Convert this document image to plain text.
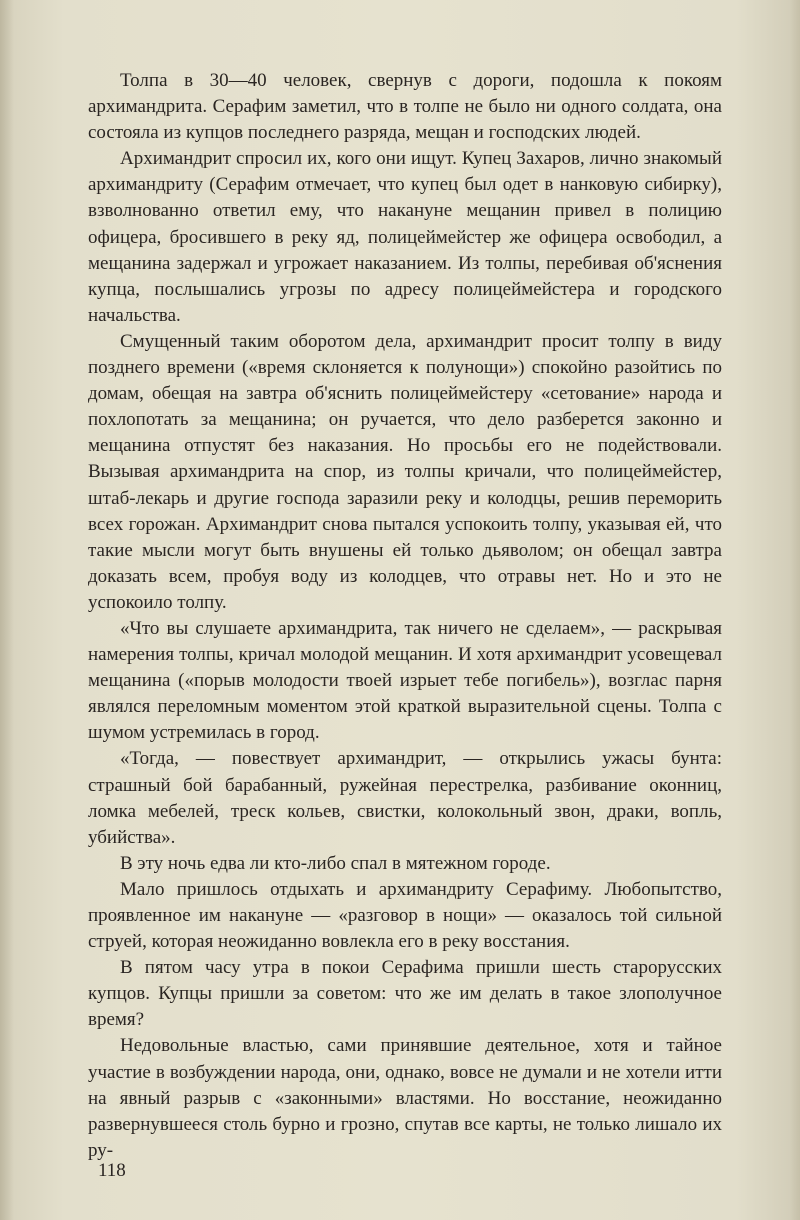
Толпа в 30—40 человек, свернув с дороги, подошла к покоям архимандрита. Серафим заметил, что в толпе не было ни одного солдата, она состояла из купцов последнего разряда, мещан и господских людей.

Архимандрит спросил их, кого они ищут. Купец Захаров, лично знакомый архимандриту (Серафим отмечает, что купец был одет в нанковую сибирку), взволнованно ответил ему, что накануне мещанин привел в полицию офицера, бросившего в реку яд, полицеймейстер же офицера освободил, а мещанина задержал и угрожает наказанием. Из толпы, перебивая об'яснения купца, послышались угрозы по адресу полицеймейстера и городского начальства.

Смущенный таким оборотом дела, архимандрит просит толпу в виду позднего времени («время склоняется к полунощи») спокойно разойтись по домам, обещая на завтра об'яснить полицеймейстеру «сетование» народа и похлопотать за мещанина; он ручается, что дело разберется законно и мещанина отпустят без наказания. Но просьбы его не подействовали. Вызывая архимандрита на спор, из толпы кричали, что полицеймейстер, штаб-лекарь и другие господа заразили реку и колодцы, решив переморить всех горожан. Архимандрит снова пытался успокоить толпу, указывая ей, что такие мысли могут быть внушены ей только дьяволом; он обещал завтра доказать всем, пробуя воду из колодцев, что отравы нет. Но и это не успокоило толпу.

«Что вы слушаете архимандрита, так ничего не сделаем», — раскрывая намерения толпы, кричал молодой мещанин. И хотя архимандрит усовещевал мещанина («порыв молодости твоей изрыет тебе погибель»), возглас парня являлся переломным моментом этой краткой выразительной сцены. Толпа с шумом устремилась в город.

«Тогда, — повествует архимандрит, — открылись ужасы бунта: страшный бой барабанный, ружейная перестрелка, разбивание оконниц, ломка мебелей, треск кольев, свистки, колокольный звон, драки, вопль, убийства».

В эту ночь едва ли кто-либо спал в мятежном городе.

Мало пришлось отдыхать и архимандриту Серафиму. Любопытство, проявленное им накануне — «разговор в нощи» — оказалось той сильной струей, которая неожиданно вовлекла его в реку восстания.

В пятом часу утра в покои Серафима пришли шесть старорусских купцов. Купцы пришли за советом: что же им делать в такое злополучное время?

Недовольные властью, сами принявшие деятельное, хотя и тайное участие в возбуждении народа, они, однако, вовсе не думали и не хотели итти на явный разрыв с «законными» властями. Но восстание, неожиданно развернувшееся столь бурно и грозно, спутав все карты, не только лишало их ру-

118
